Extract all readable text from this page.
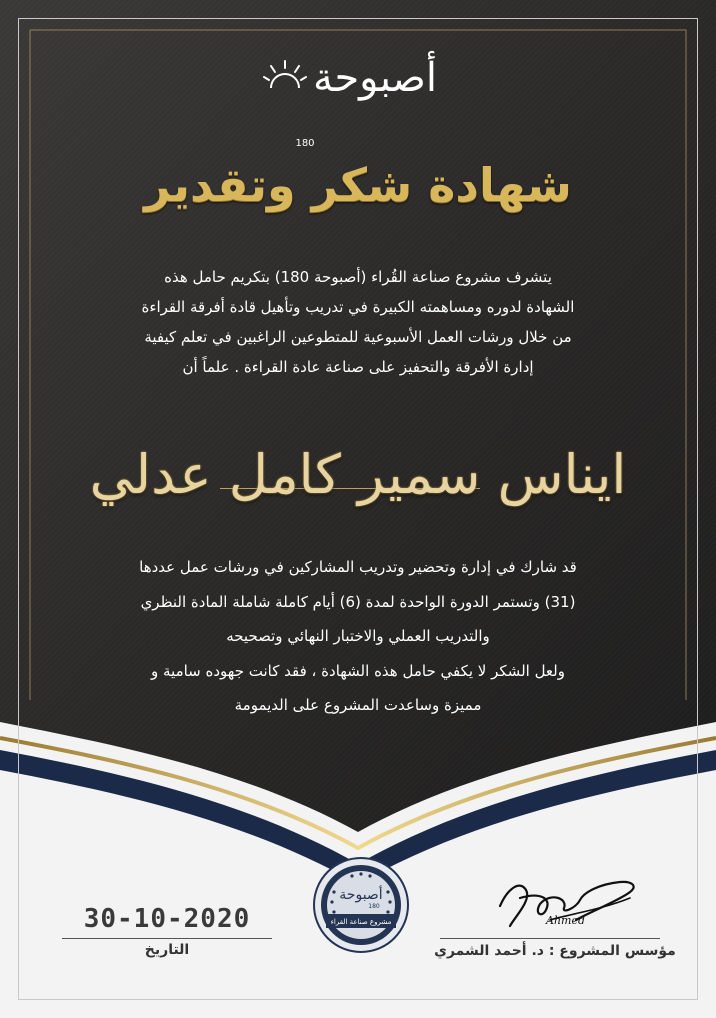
أصبوحة
180
شهادة شكر وتقدير
يتشرف مشروع صناعة القُراء (أصبوحة 180) بتكريم حامل هذه
الشهادة لدوره ومساهمته الكبيرة في تدريب وتأهيل قادة أفرقة القراءة
من خلال ورشات العمل الأسبوعية للمتطوعين الراغبين في تعلم كيفية
إدارة الأفرقة والتحفيز على صناعة عادة القراءة . علماً أن
ايناس سمير كامل عدلي
قد شارك في إدارة وتحضير وتدريب المشاركين في ورشات عمل عددها
(31) وتستمر الدورة الواحدة لمدة (6) أيام كاملة شاملة المادة النظري
والتدريب العملي والاختبار النهائي وتصحيحه
ولعل الشكر لا يكفي حامل هذه الشهادة ، فقد كانت جهوده سامية و
مميزة وساعدت المشروع على الديمومة
أصبوحة
180
مشروع صناعة القراء
30-10-2020
التاريخ
Ahmed
مؤسس المشروع : د. أحمد الشمري
